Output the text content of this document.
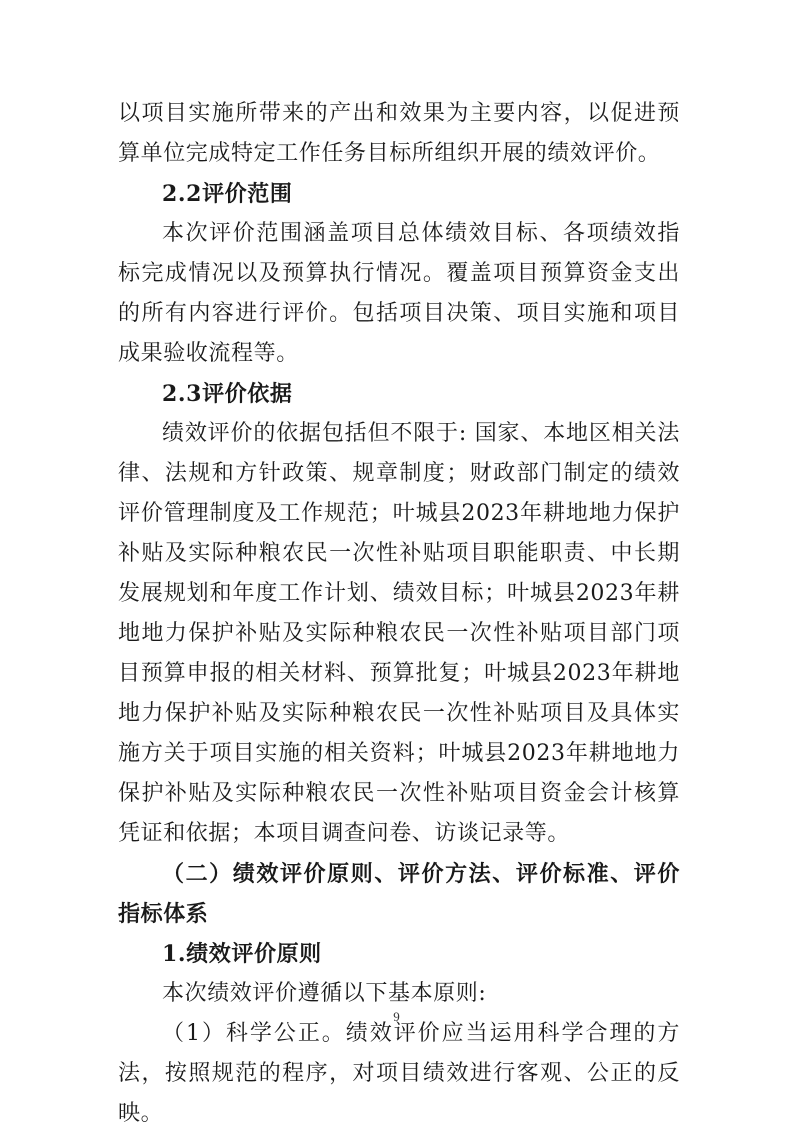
以项目实施所带来的产出和效果为主要内容，以促进预算单位完成特定工作任务目标所组织开展的绩效评价。

2.2评价范围

本次评价范围涵盖项目总体绩效目标、各项绩效指标完成情况以及预算执行情况。覆盖项目预算资金支出的所有内容进行评价。包括项目决策、项目实施和项目成果验收流程等。

2.3评价依据

绩效评价的依据包括但不限于: 国家、本地区相关法律、法规和方针政策、规章制度；财政部门制定的绩效评价管理制度及工作规范；叶城县2023年耕地地力保护补贴及实际种粮农民一次性补贴项目职能职责、中长期发展规划和年度工作计划、绩效目标；叶城县2023年耕地地力保护补贴及实际种粮农民一次性补贴项目部门项目预算申报的相关材料、预算批复；叶城县2023年耕地地力保护补贴及实际种粮农民一次性补贴项目及具体实施方关于项目实施的相关资料；叶城县2023年耕地地力保护补贴及实际种粮农民一次性补贴项目资金会计核算凭证和依据；本项目调查问卷、访谈记录等。

（二）绩效评价原则、评价方法、评价标准、评价指标体系

1.绩效评价原则

本次绩效评价遵循以下基本原则:

（1）科学公正。绩效评价应当运用科学合理的方法，按照规范的程序，对项目绩效进行客观、公正的反映。

9
